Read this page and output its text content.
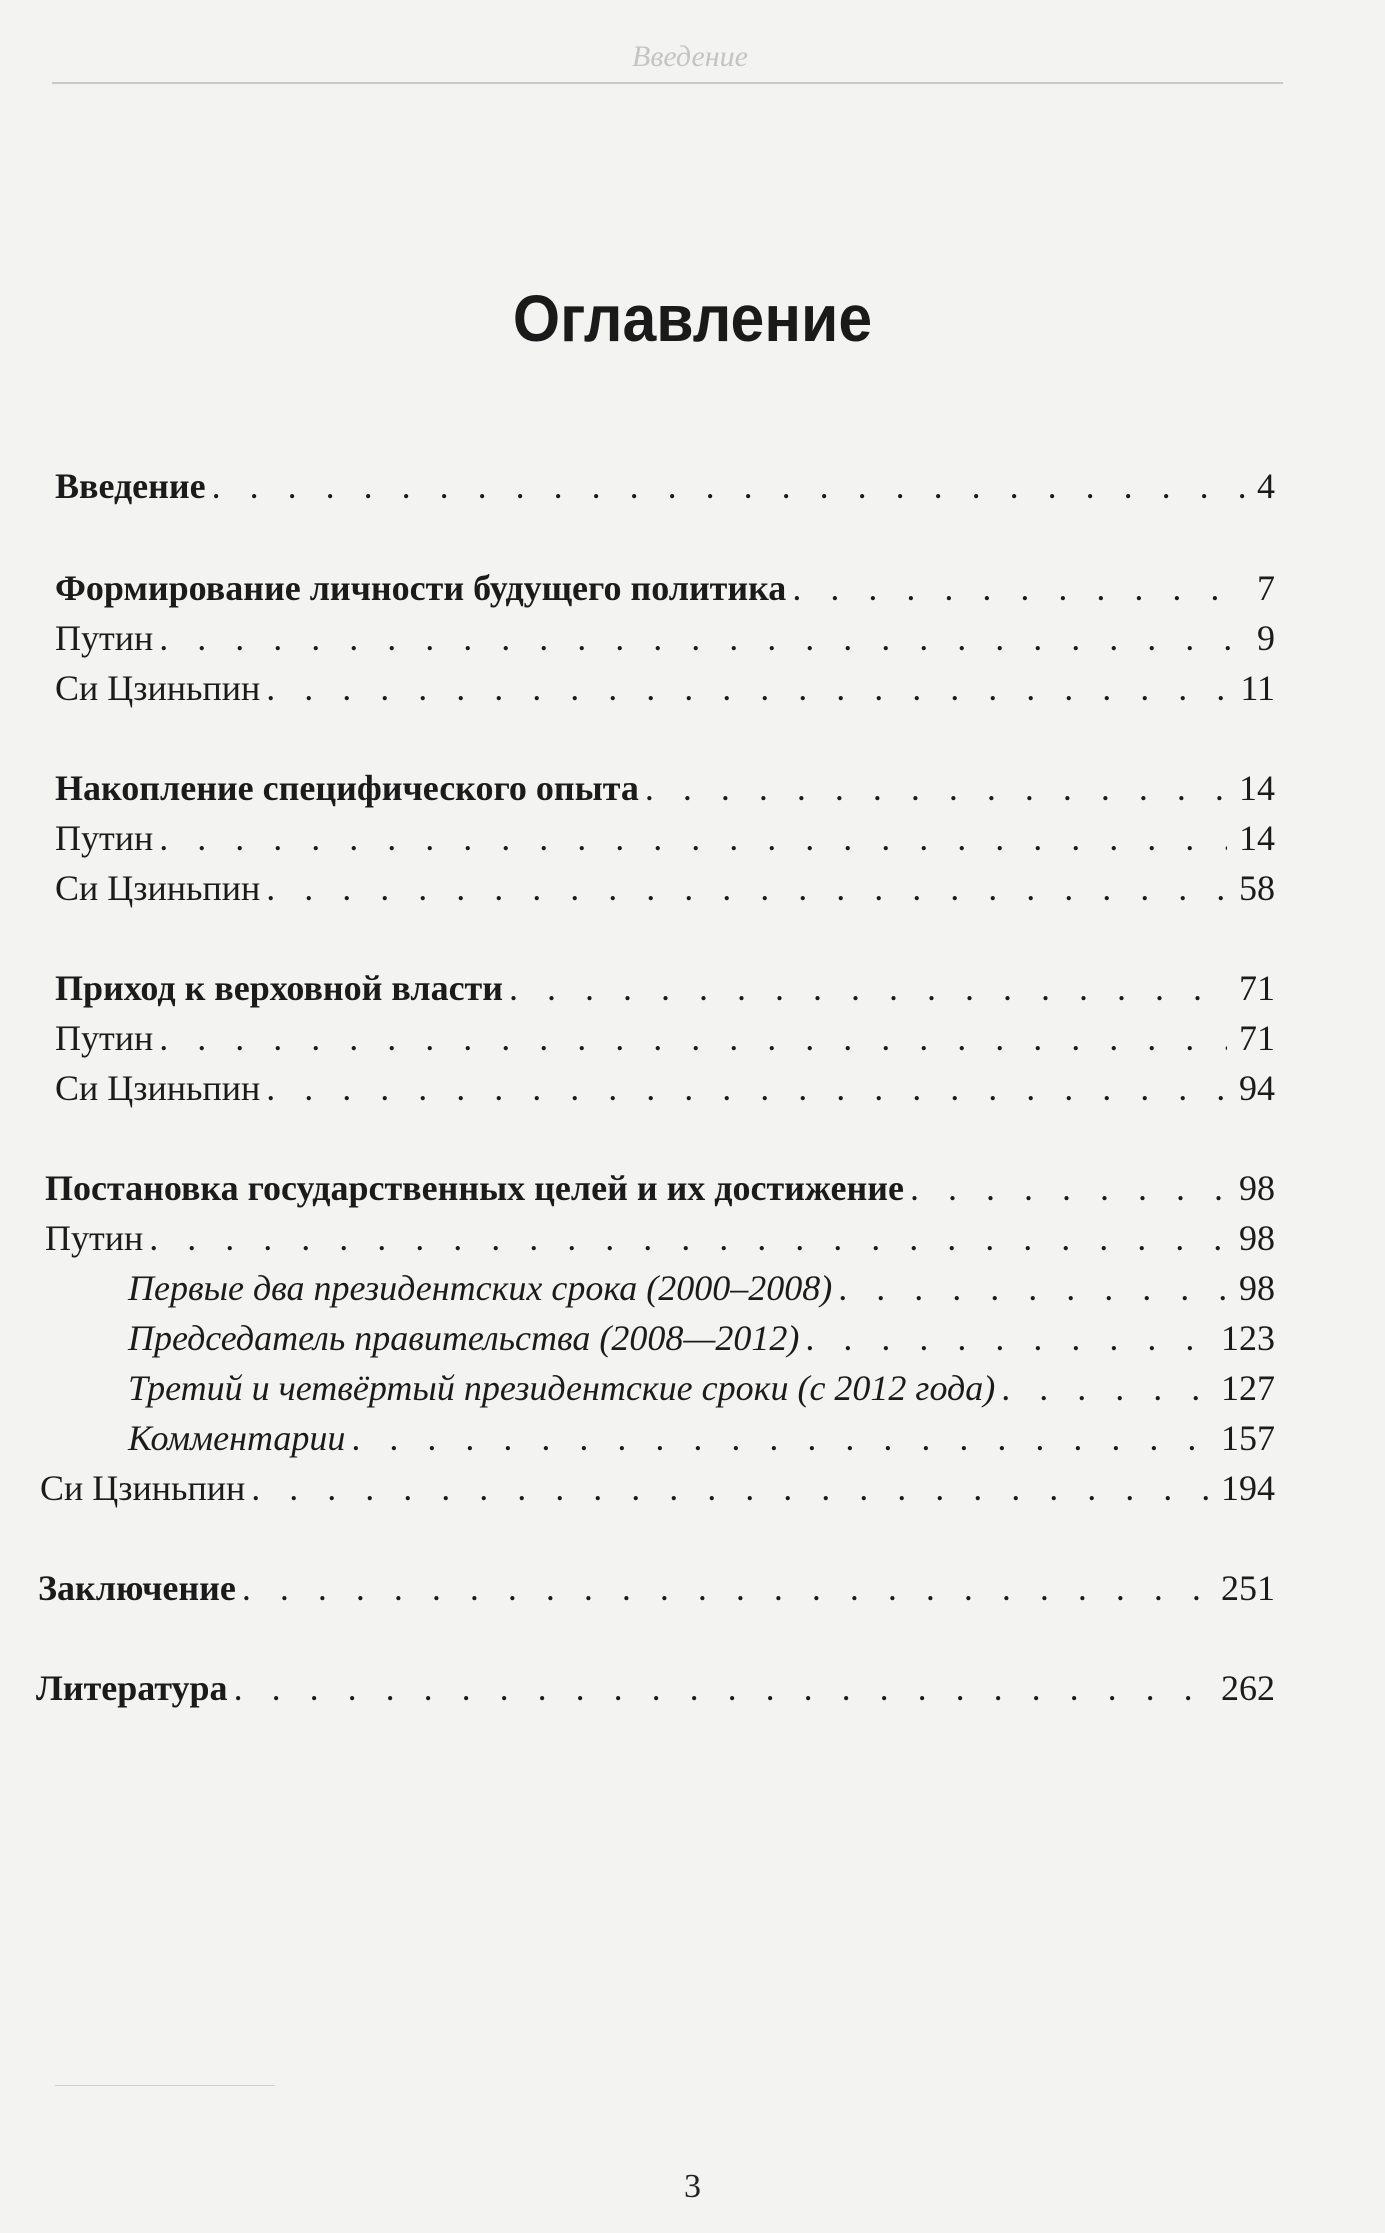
Введение
Оглавление
Введение . . .	4
Формирование личности будущего политика . . .	7
Путин . . .	9
Си Цзиньпин . . .	11
Накопление специфического опыта . . .	14
Путин . . .	14
Си Цзиньпин . . .	58
Приход к верховной власти . . .	71
Путин . . .	71
Си Цзиньпин . . .	94
Постановка государственных целей и их достижение . . .	98
Путин . . .	98
Первые два президентских срока (2000–2008) . . .	98
Председатель правительства (2008—2012) . . .	123
Третий и четвёртый президентские сроки (с 2012 года) . . .	127
Комментарии . . .	157
Си Цзиньпин . . .	194
Заключение . . .	251
Литература . . .	262
3
